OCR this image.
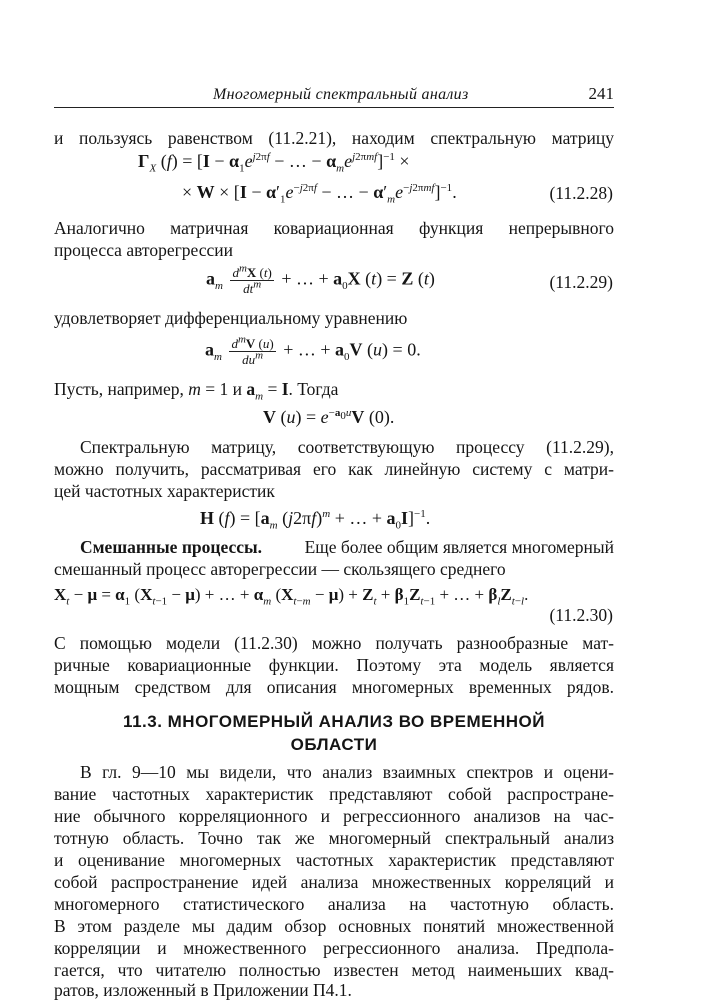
Многомерный спектральный анализ	241
и пользуясь равенством (11.2.21), находим спектральную матрицу
$\Gamma_X$ $(f) = [I - \alpha_1e^{j2\pi f}$ − … − $\alpha_me^{j2\pi mf}]^{-1}$ ×
× $W \times [I - \alpha'_1e^{-j2\pi f}$ − … − $\alpha'_me^{-j2\pi mf}]^{-1}$.	(11.2.28)
Аналогично матричная ковариационная функция непрерывного
процесса авторегрессии
$a_m \frac{d^mX (t)}{dt^m}$ + … + $a_0X$ (t) = Z (t)	(11.2.29)
удовлетворяет дифференциальному уравнению
$a_m \frac{d^mV (u)}{du^m}$ + … + $a_0V$ (u) = 0.
Пусть, например, m = 1 и $a_m = I$. Тогда
V $(u) = e^{-a_0u}V$ (0).
Спектральную матрицу, соответствующую процессу (11.2.29),
можно получить, рассматривая его как линейную систему с матри-
цей частотных характеристик
H $(f) = [a_m$ $(j2\pi f)^m$ + … + $a_0I]^{-1}$.
Смешанные процессы. Еще более общим является многомерный
смешанный процесс авторегрессии — скользящего среднего
$X_t - \mu = \alpha_1$ $(X_{t-1} - \mu)$ + … + $\alpha_m$ $(X_{t-m} - \mu) + Z_t + \beta_1Z_{t-1}$ + … + $\beta_lZ_{t-l}$.
(11.2.30)
С помощью модели (11.2.30) можно получать разнообразные мат-
ричные ковариационные функции. Поэтому эта модель является
мощным средством для описания многомерных временных рядов.
11.3. МНОГОМЕРНЫЙ АНАЛИЗ ВО ВРЕМЕННОЙ
ОБЛАСТИ
В гл. 9—10 мы видели, что анализ взаимных спектров и оцени-
вание частотных характеристик представляют собой распростране-
ние обычного корреляционного и регрессионного анализов на час-
тотную область. Точно так же многомерный спектральный анализ
и оценивание многомерных частотных характеристик представляют
собой распространение идей анализа множественных корреляций и
многомерного статистического анализа на частотную область.
В этом разделе мы дадим обзор основных понятий множественной
корреляции и множественного регрессионного анализа. Предпола-
гается, что читателю полностью известен метод наименьших квад-
ратов, изложенный в Приложении П4.1.
